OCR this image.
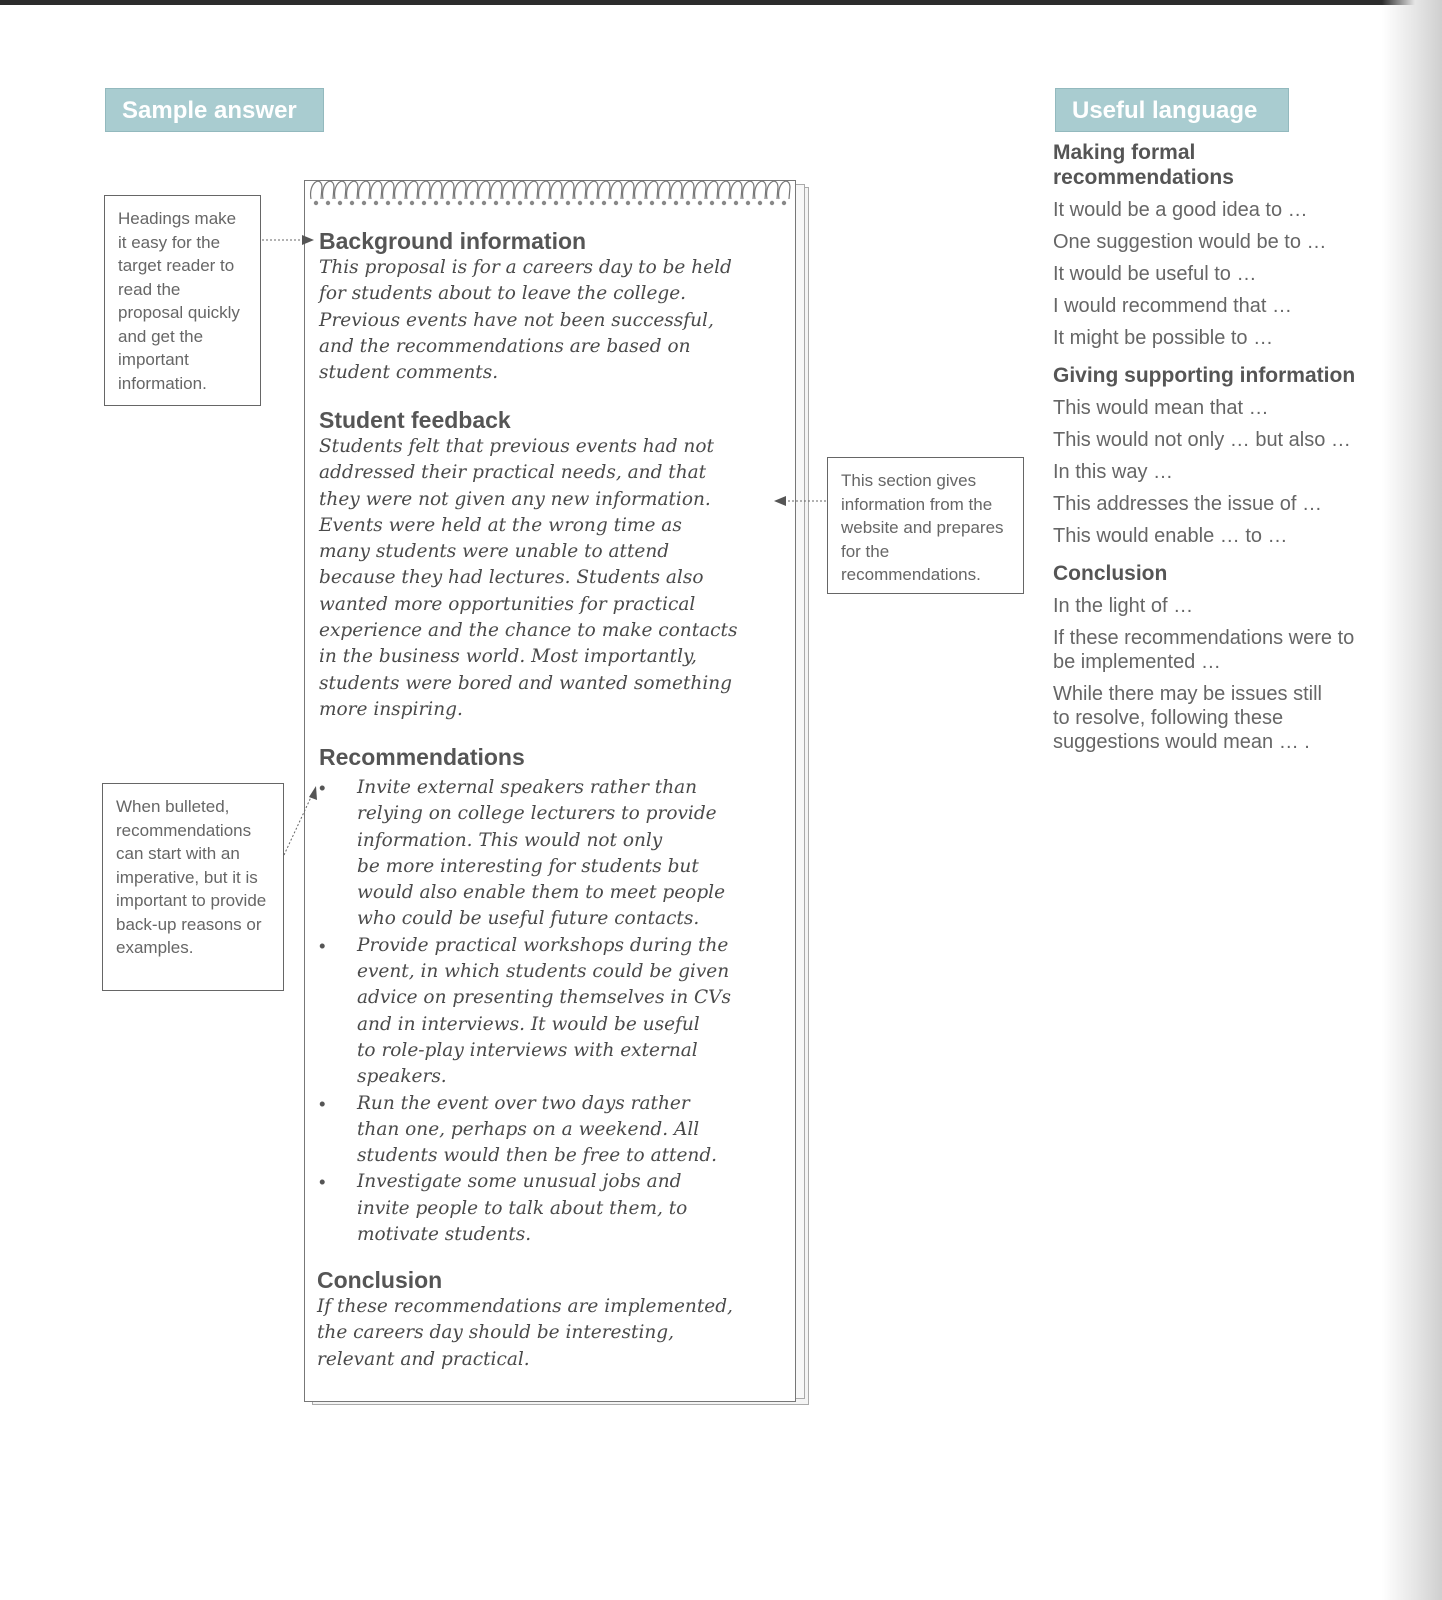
Sample answer	Useful language
Headings make it easy for the target reader to read the proposal quickly and get the important information.
This section gives information from the website and prepares for the recommendations.
When bulleted, recommendations can start with an imperative, but it is important to provide back-up reasons or examples.
Background information
This proposal is for a careers day to be held
for students about to leave the college.
Previous events have not been successful,
and the recommendations are based on
student comments.
Student feedback
Students felt that previous events had not
addressed their practical needs, and that
they were not given any new information.
Events were held at the wrong time as
many students were unable to attend
because they had lectures. Students also
wanted more opportunities for practical
experience and the chance to make contacts
in the business world. Most importantly,
students were bored and wanted something
more inspiring.
Recommendations
• Invite external speakers rather than
relying on college lecturers to provide
information. This would not only
be more interesting for students but
would also enable them to meet people
who could be useful future contacts.
• Provide practical workshops during the
event, in which students could be given
advice on presenting themselves in CVs
and in interviews. It would be useful
to role-play interviews with external
speakers.
• Run the event over two days rather
than one, perhaps on a weekend. All
students would then be free to attend.
• Investigate some unusual jobs and
invite people to talk about them, to
motivate students.
Conclusion
If these recommendations are implemented,
the careers day should be interesting,
relevant and practical.
Making formal
recommendations

It would be a good idea to …

One suggestion would be to …

It would be useful to …

I would recommend that …

It might be possible to …

Giving supporting information

This would mean that …

This would not only … but also …

In this way …

This addresses the issue of …

This would enable … to …

Conclusion

In the light of …

If these recommendations were to
be implemented …

While there may be issues still
to resolve, following these
suggestions would mean … .
